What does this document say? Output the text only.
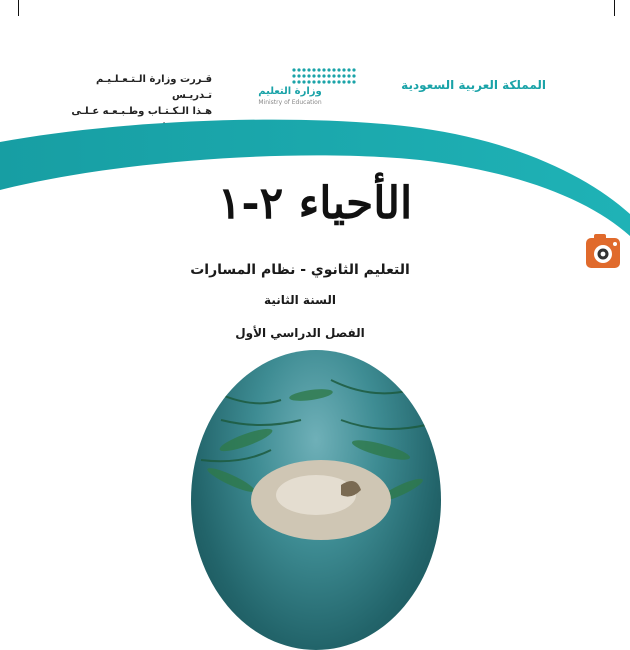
المملكة العربية السعودية
قـررت وزارة الـتـعـلـيـم تـدريـس
هـذا الـكـتـاب وطـبـعـه عـلـى
وزارة التعليم
Ministry of Education
الأحياء ٢-١
التعليم الثانوي - نظام المسارات
السنة الثانية
الفصل الدراسي الأول
